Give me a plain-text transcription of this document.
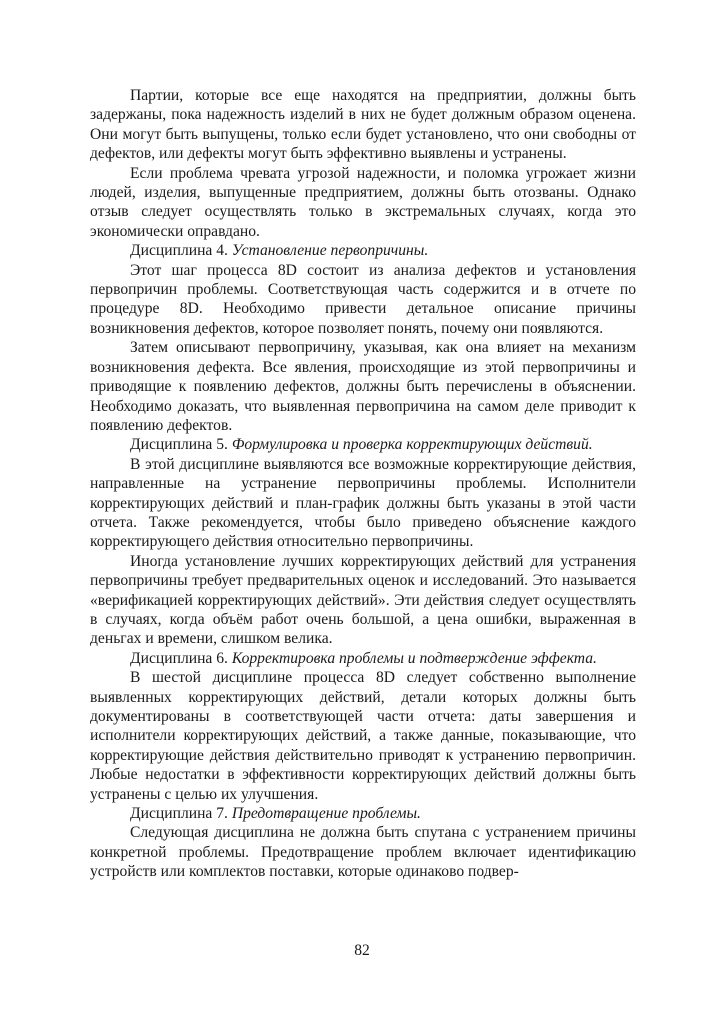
Партии, которые все еще находятся на предприятии, должны быть задержаны, пока надежность изделий в них не будет должным образом оценена. Они могут быть выпущены, только если будет установлено, что они свободны от дефектов, или дефекты могут быть эффективно выявлены и устранены.

Если проблема чревата угрозой надежности, и поломка угрожает жизни людей, изделия, выпущенные предприятием, должны быть отозваны. Однако отзыв следует осуществлять только в экстремальных случаях, когда это экономически оправдано.

Дисциплина 4. Установление первопричины.

Этот шаг процесса 8D состоит из анализа дефектов и установления первопричин проблемы. Соответствующая часть содержится и в отчете по процедуре 8D. Необходимо привести детальное описание причины возникновения дефектов, которое позволяет понять, почему они появляются.

Затем описывают первопричину, указывая, как она влияет на механизм возникновения дефекта. Все явления, происходящие из этой первопричины и приводящие к появлению дефектов, должны быть перечислены в объяснении. Необходимо доказать, что выявленная первопричина на самом деле приводит к появлению дефектов.

Дисциплина 5. Формулировка и проверка корректирующих действий.

В этой дисциплине выявляются все возможные корректирующие действия, направленные на устранение первопричины проблемы. Исполнители корректирующих действий и план-график должны быть указаны в этой части отчета. Также рекомендуется, чтобы было приведено объяснение каждого корректирующего действия относительно первопричины.

Иногда установление лучших корректирующих действий для устранения первопричины требует предварительных оценок и исследований. Это называется «верификацией корректирующих действий». Эти действия следует осуществлять в случаях, когда объём работ очень большой, а цена ошибки, выраженная в деньгах и времени, слишком велика.

Дисциплина 6. Корректировка проблемы и подтверждение эффекта.

В шестой дисциплине процесса 8D следует собственно выполнение выявленных корректирующих действий, детали которых должны быть документированы в соответствующей части отчета: даты завершения и исполнители корректирующих действий, а также данные, показывающие, что корректирующие действия действительно приводят к устранению первопричин. Любые недостатки в эффективности корректирующих действий должны быть устранены с целью их улучшения.

Дисциплина 7. Предотвращение проблемы.

Следующая дисциплина не должна быть спутана с устранением причины конкретной проблемы. Предотвращение проблем включает идентификацию устройств или комплектов поставки, которые одинаково подвер-

82
